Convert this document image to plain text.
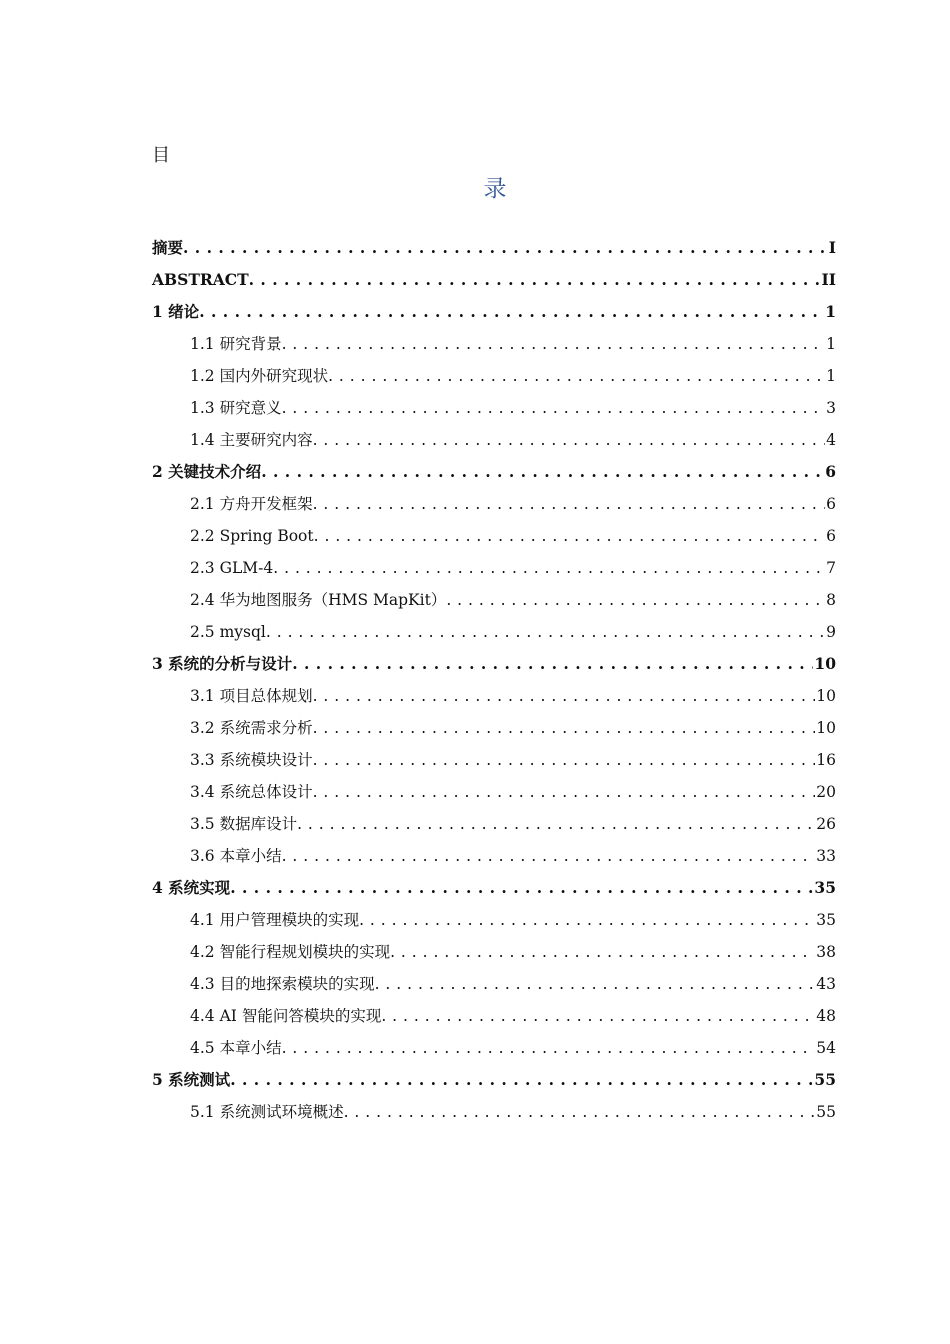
目
录
摘要 . . .	I
ABSTRACT . . .	II
1 绪论 . . .	1
1.1 研究背景 . . .	1
1.2 国内外研究现状 . . .	1
1.3 研究意义 . . .	3
1.4 主要研究内容 . . .	4
2 关键技术介绍 . . .	6
2.1 方舟开发框架 . . .	6
2.2 Spring Boot . . .	6
2.3 GLM-4 . . .	7
2.4 华为地图服务（HMS MapKit） . . .	8
2.5 mysql . . .	9
3 系统的分析与设计 . . .	10
3.1 项目总体规划 . . .	10
3.2 系统需求分析 . . .	10
3.3 系统模块设计 . . .	16
3.4 系统总体设计 . . .	20
3.5 数据库设计 . . .	26
3.6 本章小结 . . .	33
4 系统实现 . . .	35
4.1 用户管理模块的实现 . . .	35
4.2 智能行程规划模块的实现 . . .	38
4.3 目的地探索模块的实现 . . .	43
4.4 AI 智能问答模块的实现 . . .	48
4.5 本章小结 . . .	54
5 系统测试 . . .	55
5.1 系统测试环境概述 . . .	55
